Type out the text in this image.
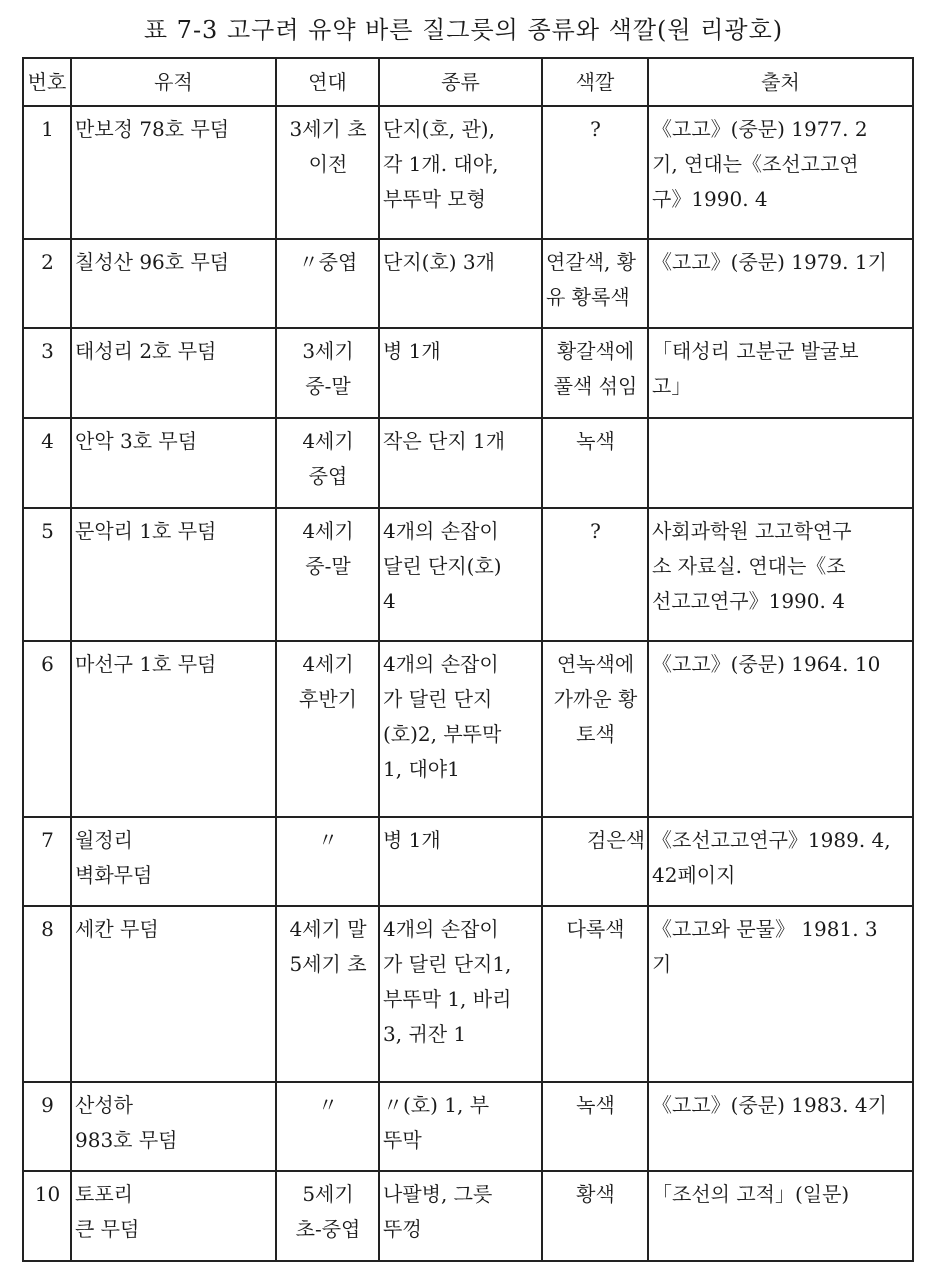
표 7-3 고구려 유약 바른 질그릇의 종류와 색깔(원 리광호)
번호	유적	연대	종류	색깔	출처
1	만보정 78호 무덤	3세기 초
이전	단지(호, 관),
각 1개. 대야,
부뚜막 모형	?	《고고》(중문) 1977. 2
기, 연대는《조선고고연
구》1990. 4
2	칠성산 96호 무덤	〃중엽	단지(호) 3개	연갈색, 황
유 황록색	《고고》(중문) 1979. 1기
3	태성리 2호 무덤	3세기
중-말	병 1개	황갈색에
풀색 섞임	「태성리 고분군 발굴보
고」
4	안악 3호 무덤	4세기
중엽	작은 단지 1개	녹색	
5	문악리 1호 무덤	4세기
중-말	4개의 손잡이
달린 단지(호)
4	?	사회과학원 고고학연구
소 자료실. 연대는《조
선고고연구》1990. 4
6	마선구 1호 무덤	4세기
후반기	4개의 손잡이
가 달린 단지
(호)2, 부뚜막
1, 대야1	연녹색에
가까운 황
토색	《고고》(중문) 1964. 10
7	월정리
벽화무덤	〃	병 1개	검은색	《조선고고연구》1989. 4,
42페이지
8	세칸 무덤	4세기 말
5세기 초	4개의 손잡이
가 달린 단지1,
부뚜막 1, 바리
3, 귀잔 1	다록색	《고고와 문물》 1981. 3
기
9	산성하
983호 무덤	〃	〃(호) 1, 부
뚜막	녹색	《고고》(중문) 1983. 4기
10	토포리
큰 무덤	5세기
초-중엽	나팔병, 그릇
뚜껑	황색	「조선의 고적」(일문)
